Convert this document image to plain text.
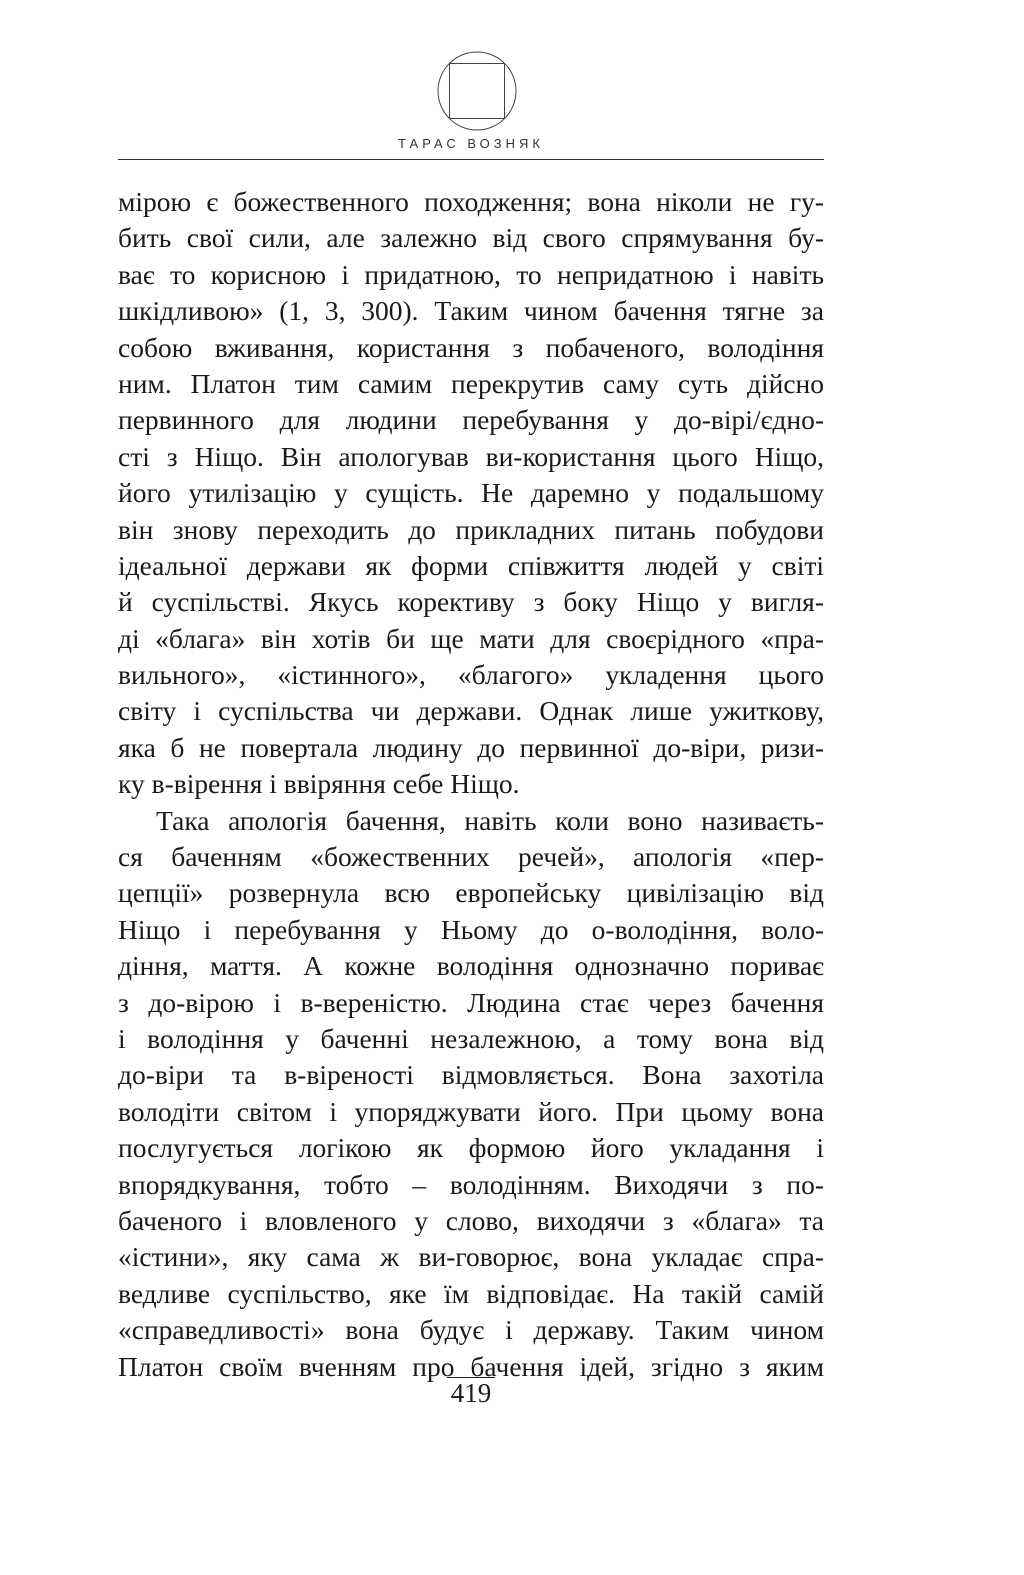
ТАРАС ВОЗНЯК
мірою є божественного походження; вона ніколи не гу-
бить свої сили, але залежно від свого спрямування бу-
ває то корисною і придатною, то непридатною і навіть
шкідливою» (1, 3, 300). Таким чином бачення тягне за
собою вживання, користання з побаченого, володіння
ним. Платон тим самим перекрутив саму суть дійсно
первинного для людини перебування у до-вірі/єдно-
сті з Ніщо. Він апологував ви-користання цього Ніщо,
його утилізацію у сущість. Не даремно у подальшому
він знову переходить до прикладних питань побудови
ідеальної держави як форми співжиття людей у світі
й суспільстві. Якусь корективу з боку Ніщо у вигля-
ді «блага» він хотів би ще мати для своєрідного «пра-
вильного», «істинного», «благого» укладення цього
світу і суспільства чи держави. Однак лише ужиткову,
яка б не повертала людину до первинної до-віри, ризи-
ку в-вірення і ввіряння себе Ніщо.
Така апологія бачення, навіть коли воно називаєть-
ся баченням «божественних речей», апологія «пер-
цепції» розвернула всю европейську цивілізацію від
Ніщо і перебування у Ньому до о-володіння, воло-
діння, маття. А кожне володіння однозначно пориває
з до-вірою і в-вереністю. Людина стає через бачення
і володіння у баченні незалежною, а тому вона від
до-віри та в-віреності відмовляється. Вона захотіла
володіти світом і упоряджувати його. При цьому вона
послугується логікою як формою його укладання і
впорядкування, тобто – володінням. Виходячи з по-
баченого і вловленого у слово, виходячи з «блага» та
«істини», яку сама ж ви-говорює, вона укладає спра-
ведливе суспільство, яке їм відповідає. На такій самій
«справедливості» вона будує і державу. Таким чином
Платон своїм вченням про бачення ідей, згідно з яким
419
